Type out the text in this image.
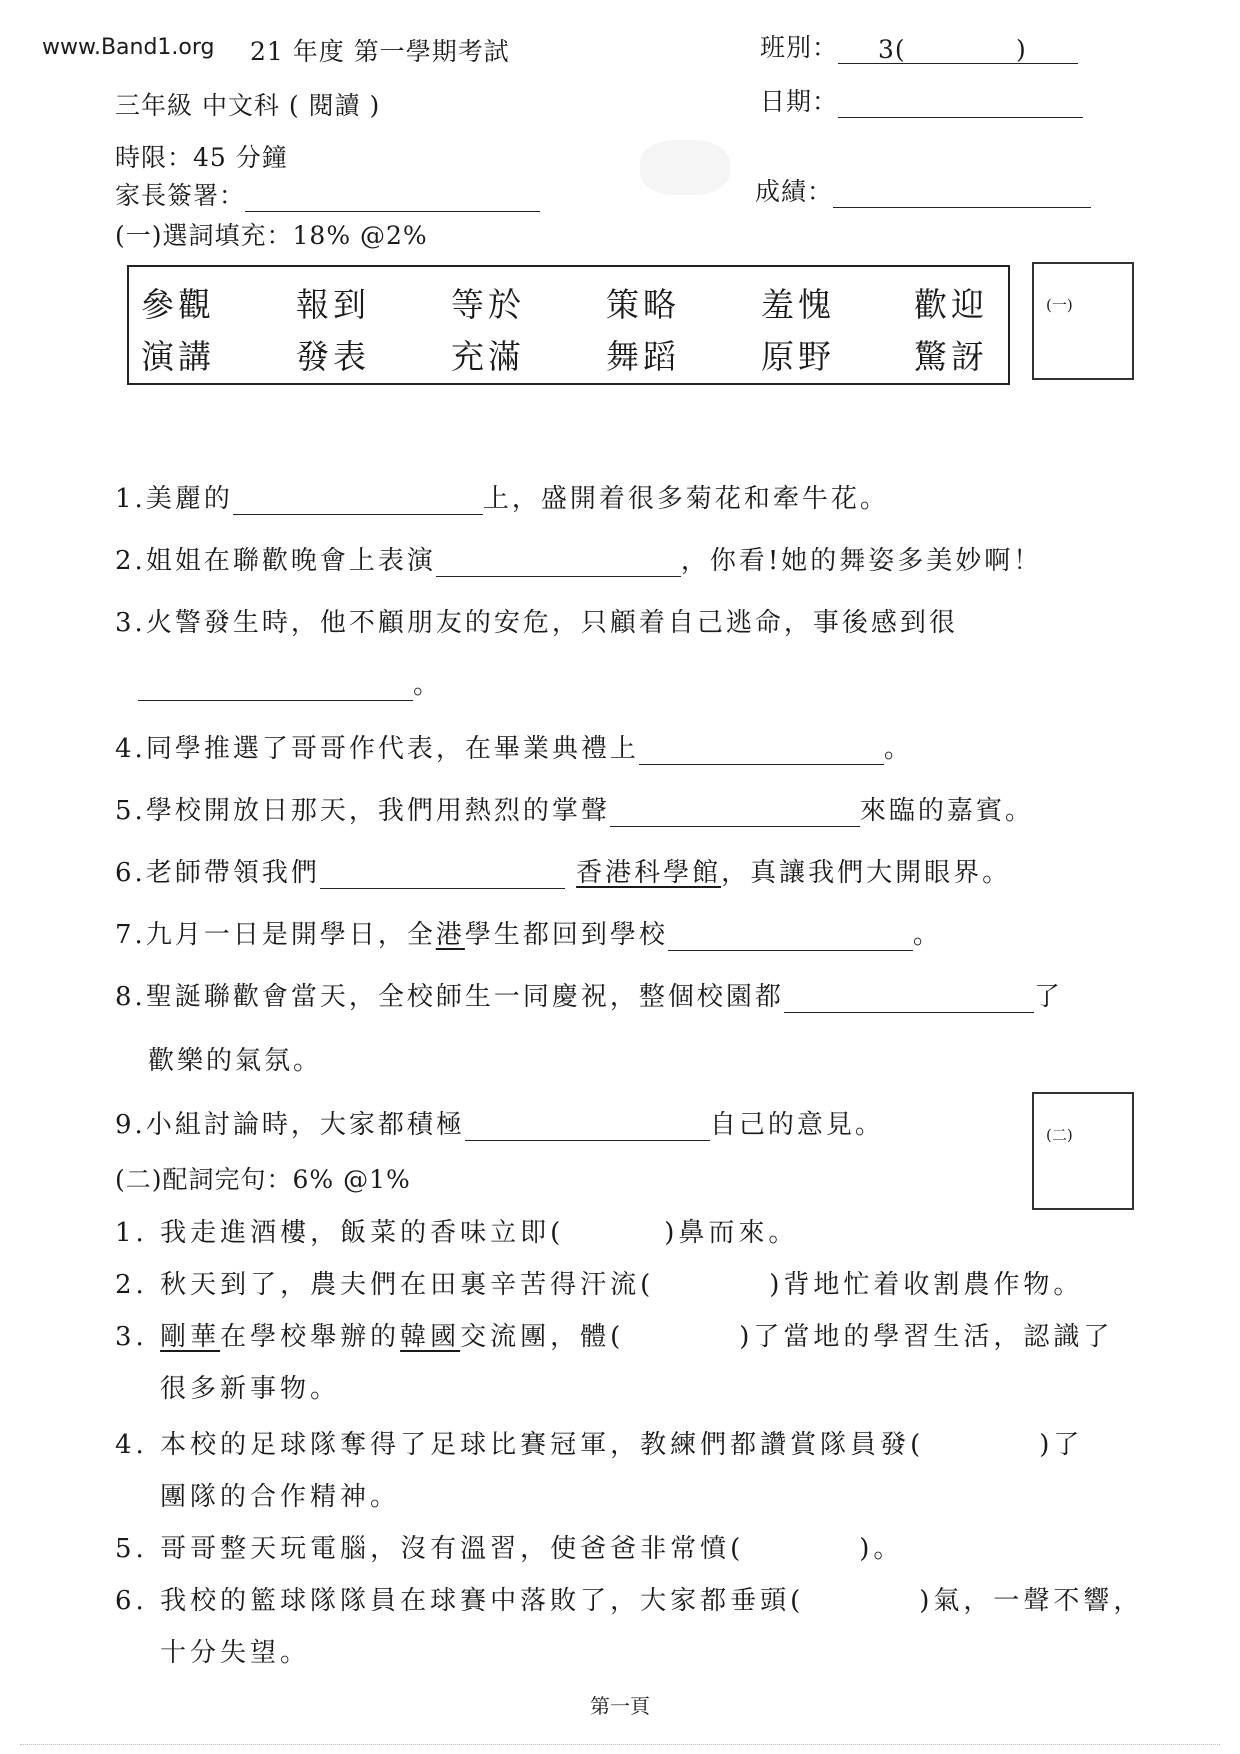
www.Band1.org 21 年度 第一學期考試	班別： 3(	)
三年級 中文科 ( 閱讀 )	日期：
時限：45 分鐘
家長簽署：	成績：
(一)選詞填充：18% @2%
參觀 報到 等於 策略 羞愧 歡迎
演講 發表 充滿 舞蹈 原野 驚訝
(一)
1.美麗的	上，盛開着很多菊花和牽牛花。
2.姐姐在聯歡晚會上表演	，你看!她的舞姿多美妙啊！
3.火警發生時，他不顧朋友的安危，只顧着自己逃命，事後感到很
。
4.同學推選了哥哥作代表，在畢業典禮上	。
5.學校開放日那天，我們用熱烈的掌聲	來臨的嘉賓。
6.老師帶領我們	香港科學館，真讓我們大開眼界。
7.九月一日是開學日，全港學生都回到學校	。
8.聖誕聯歡會當天，全校師生一同慶祝，整個校園都	了
歡樂的氣氛。
9.小組討論時，大家都積極	自己的意見。	(二)
(二)配詞完句：6% @1%
1. 我走進酒樓，飯菜的香味立即(	)鼻而來。
2. 秋天到了，農夫們在田裏辛苦得汗流(	)背地忙着收割農作物。
3. 剛華在學校舉辦的韓國交流團，體(	)了當地的學習生活，認識了
很多新事物。
4. 本校的足球隊奪得了足球比賽冠軍，教練們都讚賞隊員發(	)了
團隊的合作精神。
5. 哥哥整天玩電腦，沒有溫習，使爸爸非常憤(	)。
6. 我校的籃球隊隊員在球賽中落敗了，大家都垂頭(	)氣，一聲不響，
十分失望。
第一頁
